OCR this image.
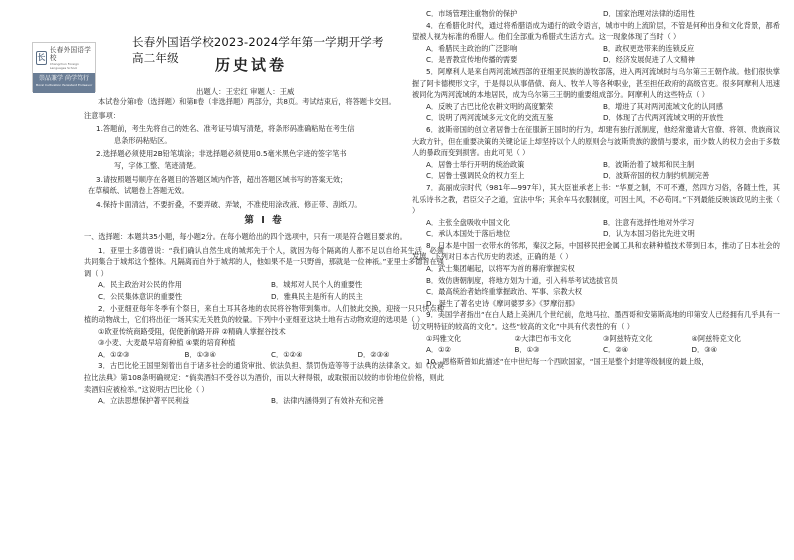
长
长春外国语学校
Changchun Foreign Languages School
崇品兼学 尚学笃行
Moral Cultivation Persistent Endeavor
长春外国语学校2023-2024学年第一学期开学考高二年级	历史试卷
出题人：王宏红 审题人：王威
本试卷分第Ⅰ卷（选择题）和第Ⅱ卷（非选择题）两部分，共8页。考试结束后，将答题卡交回。
注意事项：
1.答题前，考生先将自己的姓名、准考证号填写清楚，将条形码准确粘贴在考生信
息条形码粘贴区。
2.选择题必须使用2B铅笔填涂；非选择题必须使用0.5毫米黑色字迹的签字笔书
写，字体工整、笔迹清楚。
3.请按照题号顺序在各题目的答题区域内作答，超出答题区域书写的答案无效；
在草稿纸、试题卷上答题无效。
4.保持卡面清洁，不要折叠，不要弄破、弄皱，不准使用涂改液、修正带、刮纸刀。
第 Ⅰ 卷
一、选择题：本题共35小题，每小题2分。在每小题给出的四个选项中，只有一项是符合题目要求的。
1．亚里士多德曾说：“我们确认自然生成的城邦先于个人，就因为每个隔离的人都不足以自给其生活，必须共同集合于城邦这个整体。凡隔离而自外于城邦的人，他如果不是一只野兽，那就是一位神祇。”亚里士多德旨在强调（ ）
A．民主政治对公民的作用	B．城邦对人民个人的重要性
C．公民集体意识的重要性	D．雅典民主是所有人的民主
2．小亚细亚每年冬季有个祭日，来自土耳其各地的农民将谷物带到集市。人们彼此交换，迎接一只只快点种植的动物战士，它们将出征一场其实无关胜负的较量。下列中小亚细亚这块土地有古动物欢迎的选项是（ ）
①欧亚传统商路受阻，促使新航路开辟 ②精确人掌握谷技术
③小麦、大麦最早培育种植 ④粟的培育种植
A．①②③	B．①③④	C．①②④	D．②③④
3．古巴比伦王国里刻着出自于诸多社会的通货审批、依法负担、禁罚伪造等等于法典的法律条文。如《汉谟拉比法典》第108条明确规定：“倘卖酒妇不受谷以为酒价，而以大秤得银，或取银而以较的市价地位价格，则此卖酒妇应被检举。”这说明古巴比伦（ ）
A．立法思想保护著平民利益	B．法律内涵得到了有效补充和完善
C．市场管理注重物价的保护	D．国家治理对法律的适用性
4．在希腊化时代，通过将希腊语成为通行的政令语言，城市中的上流阶层，不管是何种出身和文化背景，都希望被人视为标准的希腊人。他们全部重为希腊式生活方式。这一现象体现了当时（ ）
A．希腊民主政治的广泛影响	B．政权更迭带来的连锁反应
C．是晋教宣传地传播的需要	D．经济发展促进了人文精神
5．阿摩利人是来自两河流域西部的亚细亚民族的游牧部落，进入两河流域时与乌尔第三王朝作战。他们很快掌握了阿卡德楔形文字，于是得以从事借债、商人、牧羊人等各种职业，甚至担任政府的高级官吏。很多阿摩利人迅速被同化为两河流域的本地居民，成为乌尔第三王朝的重要组成部分。阿摩利人的这些特点（ ）
A．反映了古巴比伦农耕文明的高度繁荣	B．增进了其对两河流域文化的认同感
C．说明了两河流域多元文化的交流互鉴	D．体现了古代两河流域文明的开放性
6．波斯帝国的创立者居鲁士在征服新王国时的行为，却建有独行派制度，他经常邀请大官僚、将领、贵族商议大政方针，但在重要决策的关键论证上却坚持以个人的原则会与波斯贵族的激情与要求，而少数人的权力会由于多数人的暴政而变到损害。由此可见（ ）
A．居鲁士举行开明的统治政策	B．波斯治着了城邦和民主制
C．居鲁士强调民众的权力至上	D．波斯帝国的权力制约机制完善
7．高丽成宗时代（981年—997年），其大臣崔承老上书：“华夏之制，不可不遵，然四方习俗，各随土性，其礼乐诗书之教，君臣父子之道，宜法中华；其余车马衣服制度，可因土风，不必苟同。”下列最能反映该政见的主张（ ）
A．主张全盘吸收中国文化	B．注意有选择性地对外学习
C．承认本国处于落后地位	D．认为本国习俗比先进文明
8．日本是中国一衣带水的邻邦，秦汉之际，中国移民把金属工具和农耕种植技术带到日本，推动了日本社会的发展。下列对日本古代历史的表述，正确的是（ ）
A．武士集团崛起，以将军为首的幕府掌握实权
B．效仿唐朝制度，将地方划为十道，引入科举考试选拔官员
C．最高统治者始终重掌握政治、军事、宗教大权
D．诞生了著名史诗《摩诃婆罗多》《罗摩衍那》
9．美国学者指出“在白人踏上美洲几个世纪前，危地马拉、墨西哥和安第斯高地的印第安人已经拥有几乎具有一切文明特征的较高的文化”。这些“较高的文化”中具有代表性的有（ ）
①玛雅文化	②大津巴布韦文化	③阿兹特克文化	④阿兹特克文化
A．①②	B．①③	C．②④	D．③④
10．恩格斯曾如此描述“在中世纪每一个西欧国家，“国王是整个封建等级制度的最上级，
